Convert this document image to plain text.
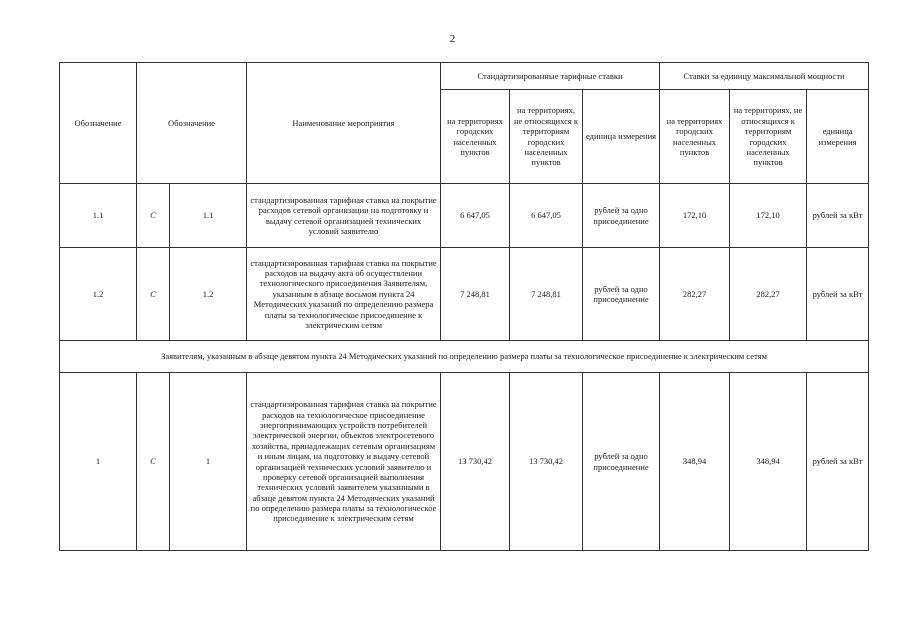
2
Обозначение	Обозначение		Наименование мероприятия	Стандартизированные тарифные ставки			Ставки за единицу максимальной мощности		
				на территориях городских населенных пунктов	на территориях, не относящихся к территориям городских населенных пунктов	единица измерения	на территориях городских населенных пунктов	на территориях, не относящихся к территориям городских населенных пунктов	единица измерения
1.1	С	1.1	стандартизированная тарифная ставка на покрытие расходов сетевой организации на подготовку и выдачу сетевой организацией технических условий заявителю	6 647,05	6 647,05	рублей за одно присоединение	172,10	172,10	рублей за кВт
1.2	С	1.2	стандартизированная тарифная ставка на покрытие расходов на выдачу акта об осуществлении технологического присоединения Заявителям, указанным в абзаце восьмом пункта 24 Методических указаний по определению размера платы за технологическое присоединение к электрическим сетям	7 248,81	7 248,81	рублей за одно присоединение	282,27	282,27	рублей за кВт
Заявителям, указанным в абзаце девятом пункта 24 Методических указаний по определению размера платы за технологическое присоединение к электрическим сетям									
1	С	1	стандартизированная тарифная ставка на покрытие расходов на технологическое присоединение энергопринимающих устройств потребителей электрической энергии, объектов электросетевого хозяйства, принадлежащих сетевым организациям и иным лицам, на подготовку и выдачу сетевой организацией технических условий заявителю и проверку сетевой организацией выполнения технических условий заявителем указанными в абзаце девятом пункта 24 Методических указаний по определению размера платы за технологическое присоединение к электрическим сетям	13 730,42	13 730,42	рублей за одно присоединение	348,94	348,94	рублей за кВт
